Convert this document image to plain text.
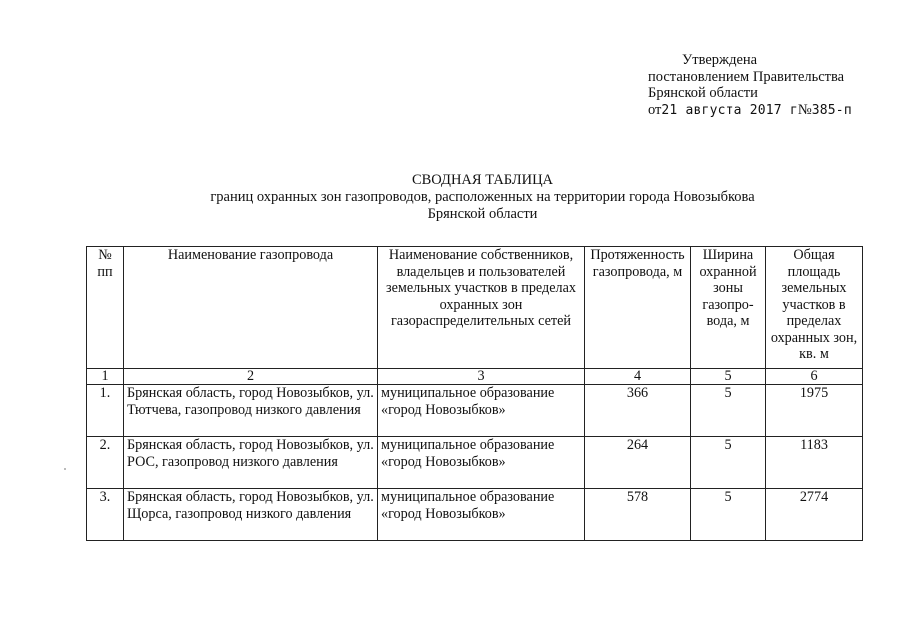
Утверждена
постановлением Правительства
Брянской области
от21 августа 2017 г№385-п
СВОДНАЯ ТАБЛИЦА
границ охранных зон газопроводов, расположенных на территории города Новозыбкова
Брянской области
№ пп	Наименование газопровода	Наименование собственников, владельцев и пользователей земельных участков в пределах охранных зон газораспределительных сетей	Протяженность газопровода, м	Ширина охранной зоны газопро-вода, м	Общая площадь земельных участков в пределах охранных зон, кв. м
1	2	3	4	5	6
1.	Брянская область, город Новозыбков, ул. Тютчева, газопровод низкого давления	муниципальное образование «город Новозыбков»	366	5	1975
2.	Брянская область, город Новозыбков, ул. РОС, газопровод низкого давления	муниципальное образование «город Новозыбков»	264	5	1183
3.	Брянская область, город Новозыбков, ул. Щорса, газопровод низкого давления	муниципальное образование «город Новозыбков»	578	5	2774
